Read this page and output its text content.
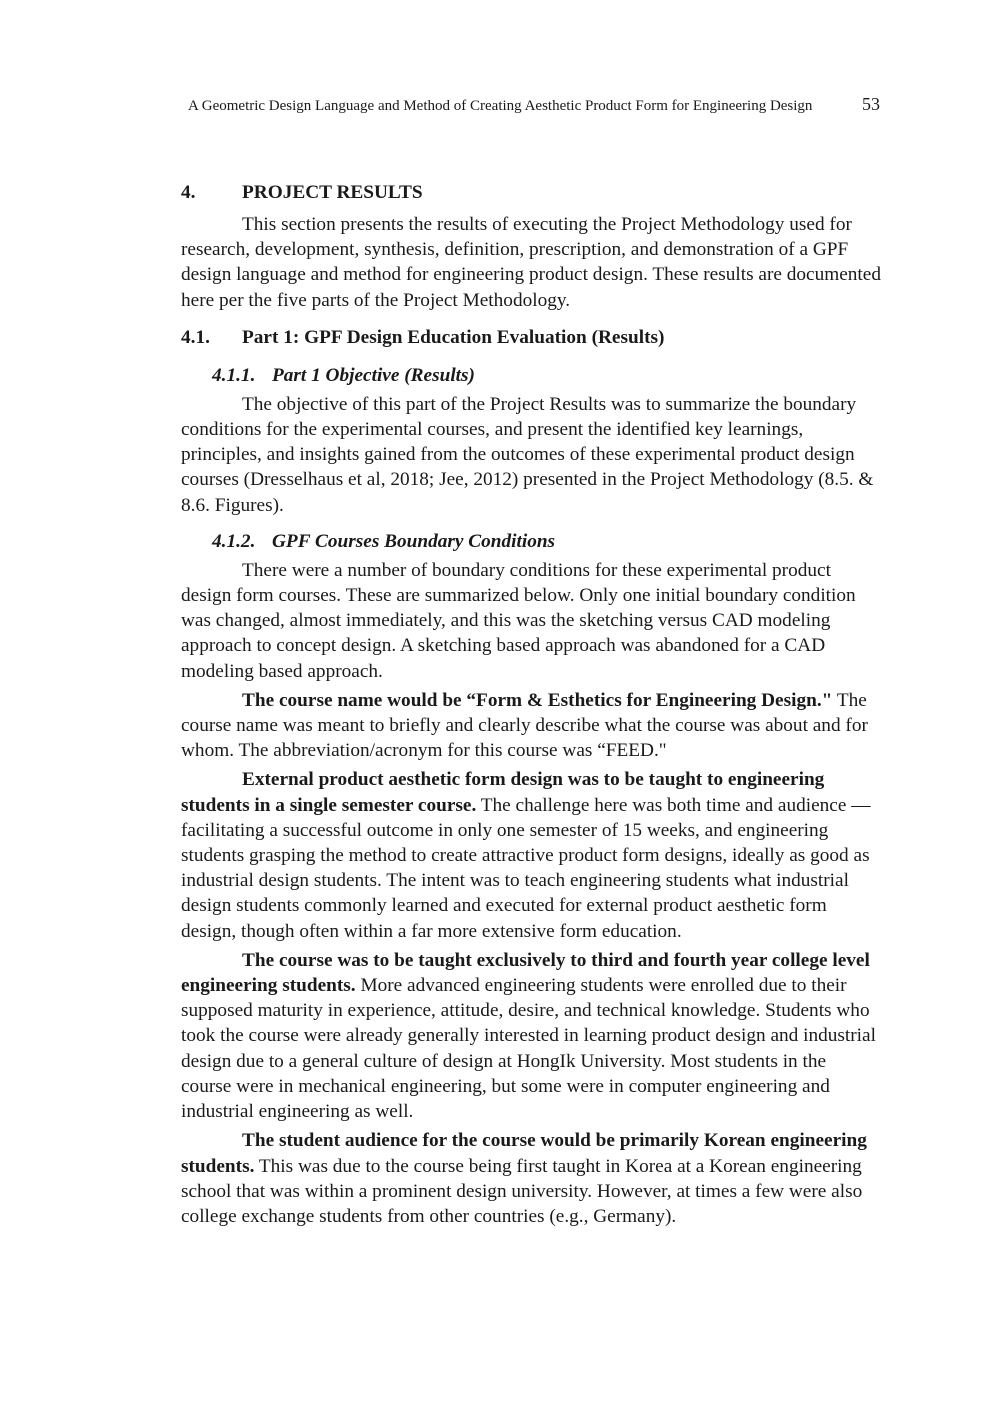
A Geometric Design Language and Method of Creating Aesthetic Product Form for Engineering Design	53
4. PROJECT RESULTS

This section presents the results of executing the Project Methodology used for research, development, synthesis, definition, prescription, and demonstration of a GPF design language and method for engineering product design. These results are documented here per the five parts of the Project Methodology.

4.1. Part 1: GPF Design Education Evaluation (Results)
4.1.1. Part 1 Objective (Results)

The objective of this part of the Project Results was to summarize the boundary conditions for the experimental courses, and present the identified key learnings, principles, and insights gained from the outcomes of these experimental product design courses (Dresselhaus et al, 2018; Jee, 2012) presented in the Project Methodology (8.5. & 8.6. Figures).

4.1.2. GPF Courses Boundary Conditions

There were a number of boundary conditions for these experimental product design form courses. These are summarized below. Only one initial boundary condition was changed, almost immediately, and this was the sketching versus CAD modeling approach to concept design. A sketching based approach was abandoned for a CAD modeling based approach.

The course name would be “Form & Esthetics for Engineering Design." The course name was meant to briefly and clearly describe what the course was about and for whom. The abbreviation/acronym for this course was “FEED."

External product aesthetic form design was to be taught to engineering students in a single semester course. The challenge here was both time and audience —facilitating a successful outcome in only one semester of 15 weeks, and engineering students grasping the method to create attractive product form designs, ideally as good as industrial design students. The intent was to teach engineering students what industrial design students commonly learned and executed for external product aesthetic form design, though often within a far more extensive form education.

The course was to be taught exclusively to third and fourth year college level engineering students. More advanced engineering students were enrolled due to their supposed maturity in experience, attitude, desire, and technical knowledge. Students who took the course were already generally interested in learning product design and industrial design due to a general culture of design at HongIk University. Most students in the course were in mechanical engineering, but some were in computer engineering and industrial engineering as well.

The student audience for the course would be primarily Korean engineering students. This was due to the course being first taught in Korea at a Korean engineering school that was within a prominent design university. However, at times a few were also college exchange students from other countries (e.g., Germany).
